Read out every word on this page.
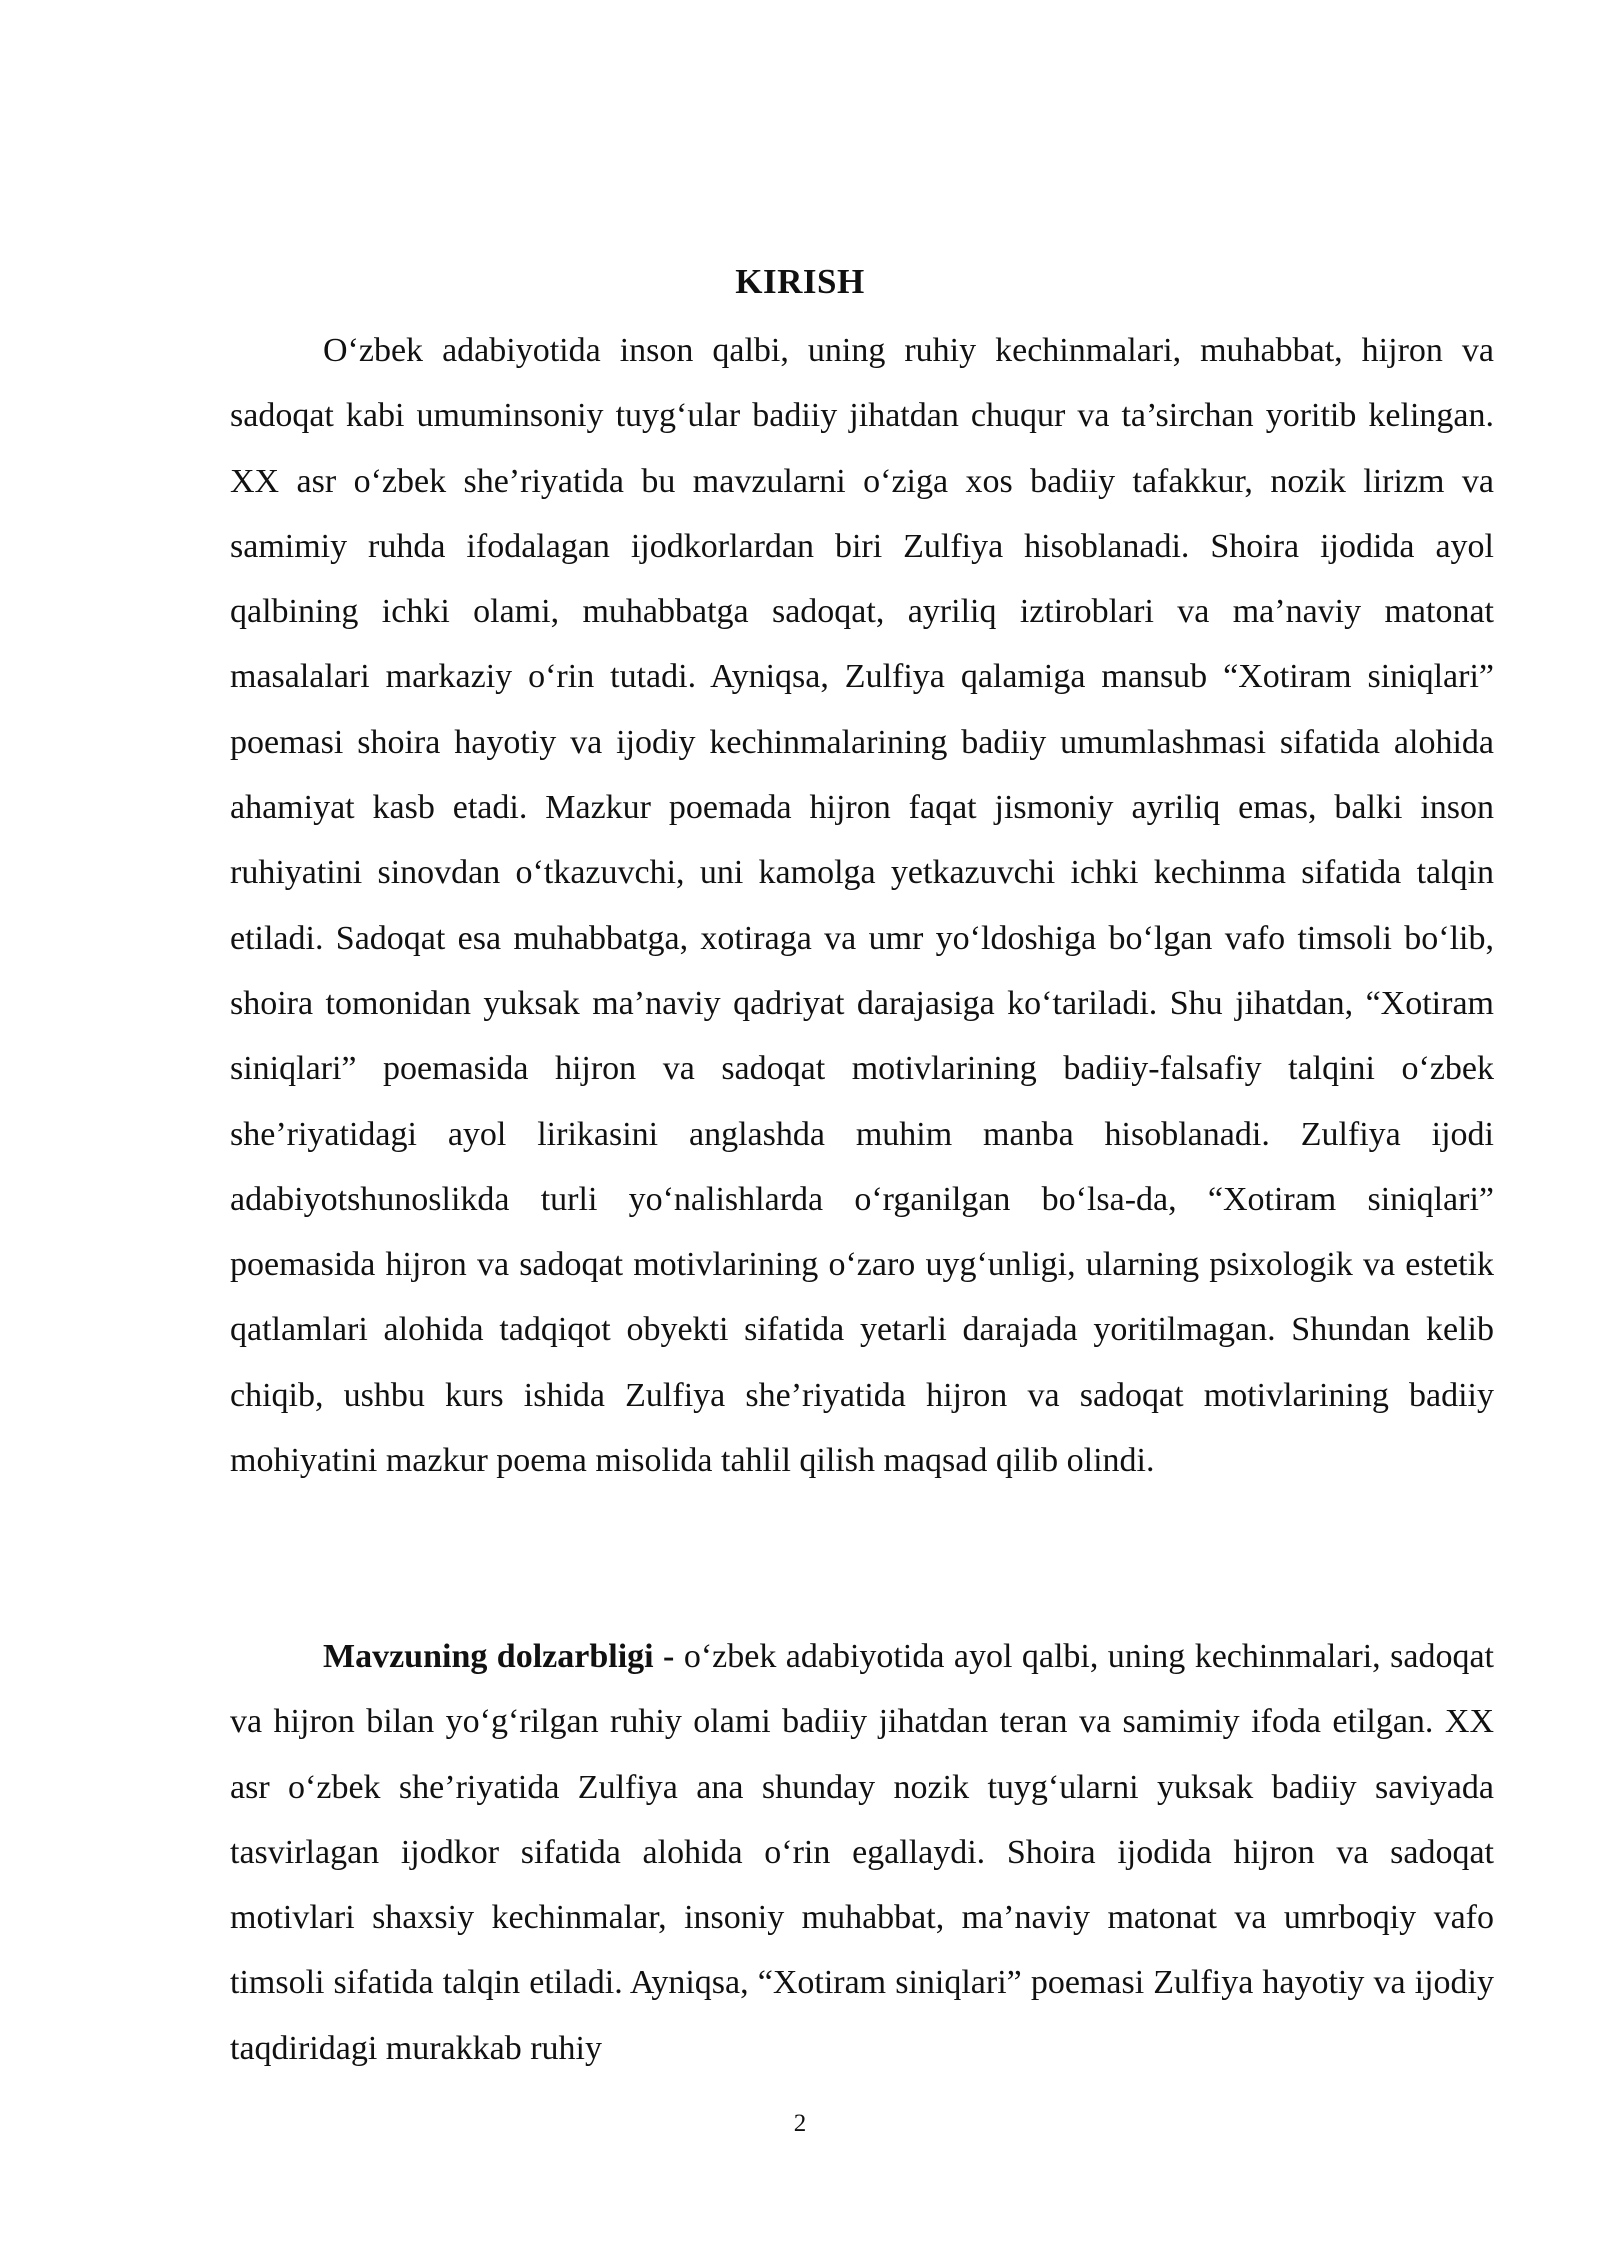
KIRISH

O‘zbek adabiyotida inson qalbi, uning ruhiy kechinmalari, muhabbat, hijron va sadoqat kabi umuminsoniy tuyg‘ular badiiy jihatdan chuqur va ta’sirchan yoritib kelingan. XX asr o‘zbek she’riyatida bu mavzularni o‘ziga xos badiiy tafakkur, nozik lirizm va samimiy ruhda ifodalagan ijodkorlardan biri Zulfiya hisoblanadi. Shoira ijodida ayol qalbining ichki olami, muhabbatga sadoqat, ayriliq iztiroblari va ma’naviy matonat masalalari markaziy o‘rin tutadi. Ayniqsa, Zulfiya qalamiga mansub “Xotiram siniqlari” poemasi shoira hayotiy va ijodiy kechinmalarining badiiy umumlashmasi sifatida alohida ahamiyat kasb etadi. Mazkur poemada hijron faqat jismoniy ayriliq emas, balki inson ruhiyatini sinovdan o‘tkazuvchi, uni kamolga yetkazuvchi ichki kechinma sifatida talqin etiladi. Sadoqat esa muhabbatga, xotiraga va umr yo‘ldoshiga bo‘lgan vafo timsoli bo‘lib, shoira tomonidan yuksak ma’naviy qadriyat darajasiga ko‘tariladi. Shu jihatdan, “Xotiram siniqlari” poemasida hijron va sadoqat motivlarining badiiy-falsafiy talqini o‘zbek she’riyatidagi ayol lirikasini anglashda muhim manba hisoblanadi. Zulfiya ijodi adabiyotshunoslikda turli yo‘nalishlarda o‘rganilgan bo‘lsa-da, “Xotiram siniqlari” poemasida hijron va sadoqat motivlarining o‘zaro uyg‘unligi, ularning psixologik va estetik qatlamlari alohida tadqiqot obyekti sifatida yetarli darajada yoritilmagan. Shundan kelib chiqib, ushbu kurs ishida Zulfiya she’riyatida hijron va sadoqat motivlarining badiiy mohiyatini mazkur poema misolida tahlil qilish maqsad qilib olindi.

Mavzuning dolzarbligi - o‘zbek adabiyotida ayol qalbi, uning kechinmalari, sadoqat va hijron bilan yo‘g‘rilgan ruhiy olami badiiy jihatdan teran va samimiy ifoda etilgan. XX asr o‘zbek she’riyatida Zulfiya ana shunday nozik tuyg‘ularni yuksak badiiy saviyada tasvirlagan ijodkor sifatida alohida o‘rin egallaydi. Shoira ijodida hijron va sadoqat motivlari shaxsiy kechinmalar, insoniy muhabbat, ma’naviy matonat va umrboqiy vafo timsoli sifatida talqin etiladi. Ayniqsa, “Xotiram siniqlari” poemasi Zulfiya hayotiy va ijodiy taqdiridagi murakkab ruhiy

2
